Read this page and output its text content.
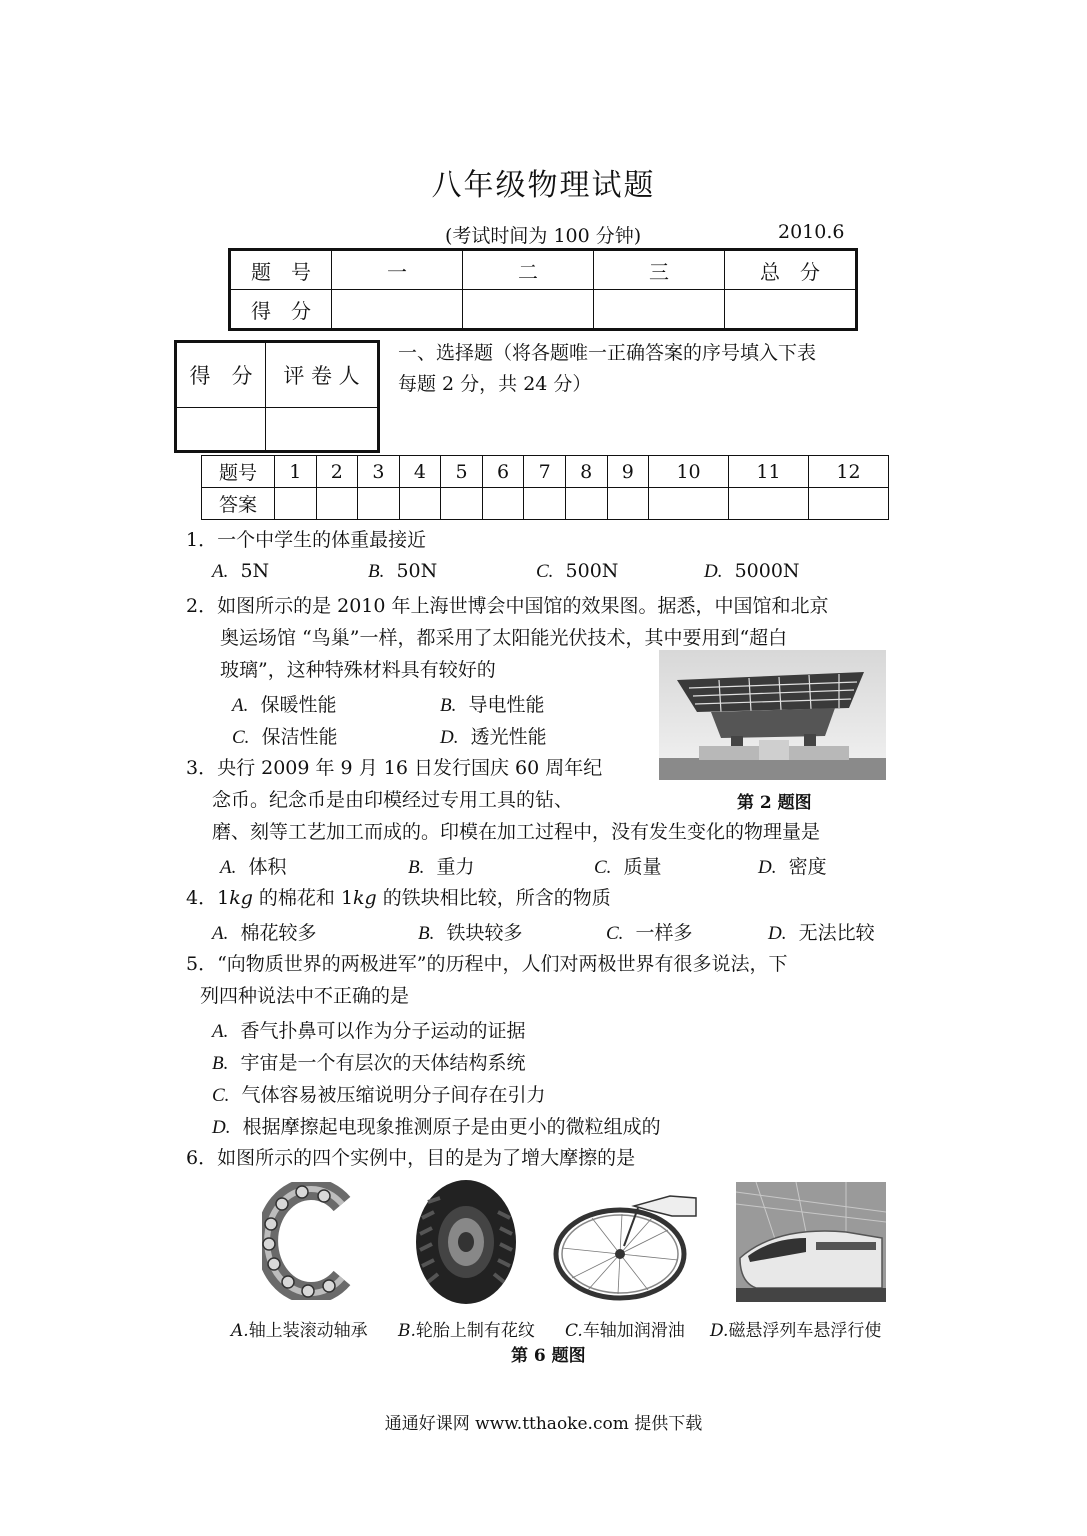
八年级物理试题
(考试时间为 100 分钟)	2010.6
题　号	一	二	三	总　分
得　分				
得　分	评 卷 人

一、选择题（将各题唯一正确答案的序号填入下表
每题 2 分，共 24 分）
题号	1	2	3	4	5	6	7	8	9	10	11	12
答案												
1．一个中学生的体重最接近
A. 5N	B. 50N	C. 500N	D. 5000N
2．如图所示的是 2010 年上海世博会中国馆的效果图。据悉，中国馆和北京
奥运场馆 “鸟巢”一样，都采用了太阳能光伏技术，其中要用到“超白
玻璃”，这种特殊材料具有较好的
A. 保暖性能	B. 导电性能
C. 保洁性能	D. 透光性能
第 2 题图
3．央行 2009 年 9 月 16 日发行国庆 60 周年纪
念币。纪念币是由印模经过专用工具的钻、
磨、刻等工艺加工而成的。印模在加工过程中，没有发生变化的物理量是
A. 体积	B. 重力	C. 质量	D. 密度
4．1kg 的棉花和 1kg 的铁块相比较，所含的物质
A. 棉花较多	B. 铁块较多	C. 一样多	D. 无法比较
5．“向物质世界的两极进军”的历程中，人们对两极世界有很多说法，下
列四种说法中不正确的是
A. 香气扑鼻可以作为分子运动的证据
B. 宇宙是一个有层次的天体结构系统
C. 气体容易被压缩说明分子间存在引力
D. 根据摩擦起电现象推测原子是由更小的微粒组成的
6．如图所示的四个实例中，目的是为了增大摩擦的是
A.轴上装滚动轴承 B.轮胎上制有花纹 C.车轴加润滑油 D.磁悬浮列车悬浮行使
第 6 题图
通通好课网 www.tthaoke.com 提供下载
